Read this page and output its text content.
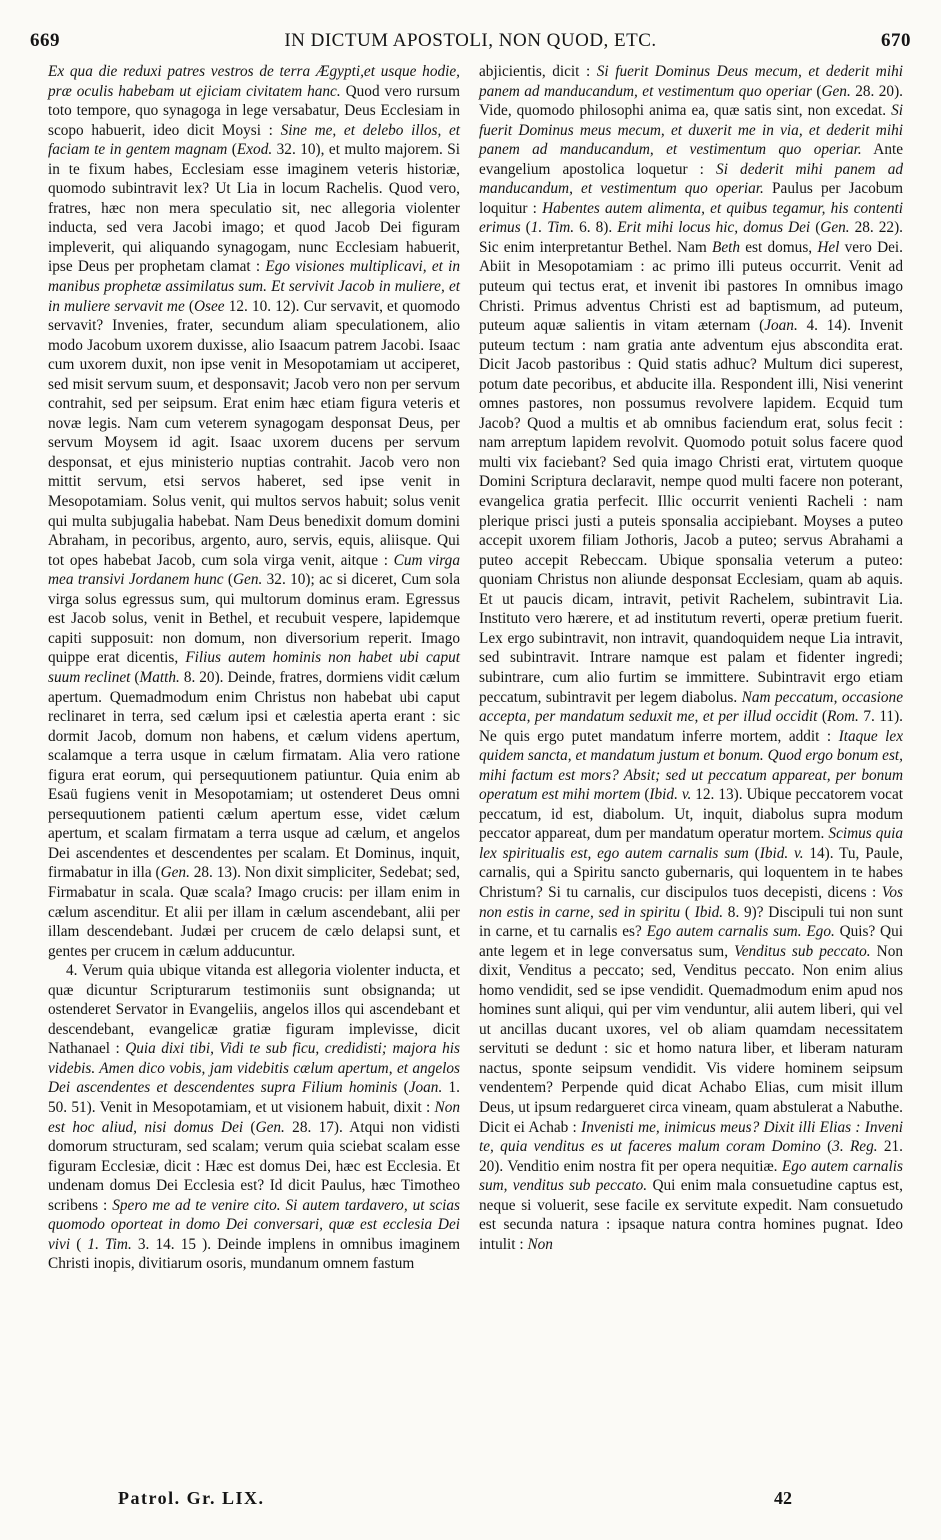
669	IN DICTUM APOSTOLI, NON QUOD, ETC.	670

Ex qua die reduxi patres vestros de terra Ægypti,et usque hodie, præ oculis habebam ut ejiciam civitatem hanc. Quod vero rursum toto tempore, quo synagoga in lege versabatur, Deus Ecclesiam in scopo habuerit, ideo dicit Moysi : Sine me, et delebo illos, et faciam te in gentem magnam (Exod. 32. 10), et multo majorem. Si in te fixum habes, Ecclesiam esse imaginem veteris historiæ, quomodo subintravit lex? Ut Lia in locum Rachelis. Quod vero, fratres, hæc non mera speculatio sit, nec allegoria violenter inducta, sed vera Jacobi imago; et quod Jacob Dei figuram impleverit, qui aliquando synagogam, nunc Ecclesiam habuerit, ipse Deus per prophetam clamat : Ego visiones multiplicavi, et in manibus prophetæ assimilatus sum. Et servivit Jacob in muliere, et in muliere servavit me (Osee 12. 10. 12). Cur servavit, et quomodo servavit? Invenies, frater, secundum aliam speculationem, alio modo Jacobum uxorem duxisse, alio Isaacum patrem Jacobi. Isaac cum uxorem duxit, non ipse venit in Mesopotamiam ut acciperet, sed misit servum suum, et desponsavit; Jacob vero non per servum contrahit, sed per seipsum. Erat enim hæc etiam figura veteris et novæ legis. Nam cum veterem synagogam desponsat Deus, per servum Moysem id agit. Isaac uxorem ducens per servum desponsat, et ejus ministerio nuptias contrahit. Jacob vero non mittit servum, etsi servos haberet, sed ipse venit in Mesopotamiam. Solus venit, qui multos servos habuit; solus venit qui multa subjugalia habebat. Nam Deus benedixit domum domini Abraham, in pecoribus, argento, auro, servis, equis, aliisque. Qui tot opes habebat Jacob, cum sola virga venit, aitque : Cum virga mea transivi Jordanem hunc (Gen. 32. 10); ac si diceret, Cum sola virga solus egressus sum, qui multorum dominus eram. Egressus est Jacob solus, venit in Bethel, et recubuit vespere, lapidemque capiti supposuit: non domum, non diversorium reperit. Imago quippe erat dicentis, Filius autem hominis non habet ubi caput suum reclinet (Matth. 8. 20). Deinde, fratres, dormiens vidit cælum apertum. Quemadmodum enim Christus non habebat ubi caput reclinaret in terra, sed cælum ipsi et cælestia aperta erant : sic dormit Jacob, domum non habens, et cælum videns apertum, scalamque a terra usque in cælum firmatam. Alia vero ratione figura erat eorum, qui persequutionem patiuntur. Quia enim ab Esaü fugiens venit in Mesopotamiam; ut ostenderet Deus omni persequutionem patienti cælum apertum esse, videt cælum apertum, et scalam firmatam a terra usque ad cælum, et angelos Dei ascendentes et descendentes per scalam. Et Dominus, inquit, firmabatur in illa (Gen. 28. 13). Non dixit simpliciter, Sedebat; sed, Firmabatur in scala. Quæ scala? Imago crucis: per illam enim in cælum ascenditur. Et alii per illam in cælum ascendebant, alii per illam descendebant. Judæi per crucem de cælo delapsi sunt, et gentes per crucem in cælum adducuntur.

4. Verum quia ubique vitanda est allegoria violenter inducta, et quæ dicuntur Scripturarum testimoniis sunt obsignanda; ut ostenderet Servator in Evangeliis, angelos illos qui ascendebant et descendebant, evangelicæ gratiæ figuram implevisse, dicit Nathanael : Quia dixi tibi, Vidi te sub ficu, credidisti; majora his videbis. Amen dico vobis, jam videbitis cælum apertum, et angelos Dei ascendentes et descendentes supra Filium hominis (Joan. 1. 50. 51). Venit in Mesopotamiam, et ut visionem habuit, dixit : Non est hoc aliud, nisi domus Dei (Gen. 28. 17). Atqui non vidisti domorum structuram, sed scalam; verum quia sciebat scalam esse figuram Ecclesiæ, dicit : Hæc est domus Dei, hæc est Ecclesia. Et undenam domus Dei Ecclesia est? Id dicit Paulus, hæc Timotheo scribens : Spero me ad te venire cito. Si autem tardavero, ut scias quomodo oporteat in domo Dei conversari, quæ est ecclesia Dei vivi ( 1. Tim. 3. 14. 15 ). Deinde implens in omnibus imaginem Christi inopis, divitiarum osoris, mundanum omnem fastum

abjicientis, dicit : Si fuerit Dominus Deus mecum, et dederit mihi panem ad manducandum, et vestimentum quo operiar (Gen. 28. 20). Vide, quomodo philosophi anima ea, quæ satis sint, non excedat. Si fuerit Dominus meus mecum, et duxerit me in via, et dederit mihi panem ad manducandum, et vestimentum quo operiar. Ante evangelium apostolica loquetur : Si dederit mihi panem ad manducandum, et vestimentum quo operiar. Paulus per Jacobum loquitur : Habentes autem alimenta, et quibus tegamur, his contenti erimus (1. Tim. 6. 8). Erit mihi locus hic, domus Dei (Gen. 28. 22). Sic enim interpretantur Bethel. Nam Beth est domus, Hel vero Dei. Abiit in Mesopotamiam : ac primo illi puteus occurrit. Venit ad puteum qui tectus erat, et invenit ibi pastores In omnibus imago Christi. Primus adventus Christi est ad baptismum, ad puteum, puteum aquæ salientis in vitam æternam (Joan. 4. 14). Invenit puteum tectum : nam gratia ante adventum ejus abscondita erat. Dicit Jacob pastoribus : Quid statis adhuc? Multum dici superest, potum date pecoribus, et abducite illa. Respondent illi, Nisi venerint omnes pastores, non possumus revolvere lapidem. Ecquid tum Jacob? Quod a multis et ab omnibus faciendum erat, solus fecit : nam arreptum lapidem revolvit. Quomodo potuit solus facere quod multi vix faciebant? Sed quia imago Christi erat, virtutem quoque Domini Scriptura declaravit, nempe quod multi facere non poterant, evangelica gratia perfecit. Illic occurrit venienti Racheli : nam plerique prisci justi a puteis sponsalia accipiebant. Moyses a puteo accepit uxorem filiam Jothoris, Jacob a puteo; servus Abrahami a puteo accepit Rebeccam. Ubique sponsalia veterum a puteo: quoniam Christus non aliunde desponsat Ecclesiam, quam ab aquis. Et ut paucis dicam, intravit, petivit Rachelem, subintravit Lia. Instituto vero hærere, et ad institutum reverti, operæ pretium fuerit. Lex ergo subintravit, non intravit, quandoquidem neque Lia intravit, sed subintravit. Intrare namque est palam et fidenter ingredi; subintrare, cum alio furtim se immittere. Subintravit ergo etiam peccatum, subintravit per legem diabolus. Nam peccatum, occasione accepta, per mandatum seduxit me, et per illud occidit (Rom. 7. 11). Ne quis ergo putet mandatum inferre mortem, addit : Itaque lex quidem sancta, et mandatum justum et bonum. Quod ergo bonum est, mihi factum est mors? Absit; sed ut peccatum appareat, per bonum operatum est mihi mortem (Ibid. v. 12. 13). Ubique peccatorem vocat peccatum, id est, diabolum. Ut, inquit, diabolus supra modum peccator appareat, dum per mandatum operatur mortem. Scimus quia lex spiritualis est, ego autem carnalis sum (Ibid. v. 14). Tu, Paule, carnalis, qui a Spiritu sancto gubernaris, qui loquentem in te habes Christum? Si tu carnalis, cur discipulos tuos decepisti, dicens : Vos non estis in carne, sed in spiritu ( Ibid. 8. 9)? Discipuli tui non sunt in carne, et tu carnalis es? Ego autem carnalis sum. Ego. Quis? Qui ante legem et in lege conversatus sum, Venditus sub peccato. Non dixit, Venditus a peccato; sed, Venditus peccato. Non enim alius homo vendidit, sed se ipse vendidit. Quemadmodum enim apud nos homines sunt aliqui, qui per vim venduntur, alii autem liberi, qui vel ut ancillas ducant uxores, vel ob aliam quamdam necessitatem servituti se dedunt : sic et homo natura liber, et liberam naturam nactus, sponte seipsum vendidit. Vis videre hominem seipsum vendentem? Perpende quid dicat Achabo Elias, cum misit illum Deus, ut ipsum redargueret circa vineam, quam abstulerat a Nabuthe. Dicit ei Achab : Invenisti me, inimicus meus? Dixit illi Elias : Inveni te, quia venditus es ut faceres malum coram Domino (3. Reg. 21. 20). Venditio enim nostra fit per opera nequitiæ. Ego autem carnalis sum, venditus sub peccato. Qui enim mala consuetudine captus est, neque si voluerit, sese facile ex servitute expedit. Nam consuetudo est secunda natura : ipsaque natura contra homines pugnat. Ideo intulit : Non

Patrol. Gr. LIX.	42
